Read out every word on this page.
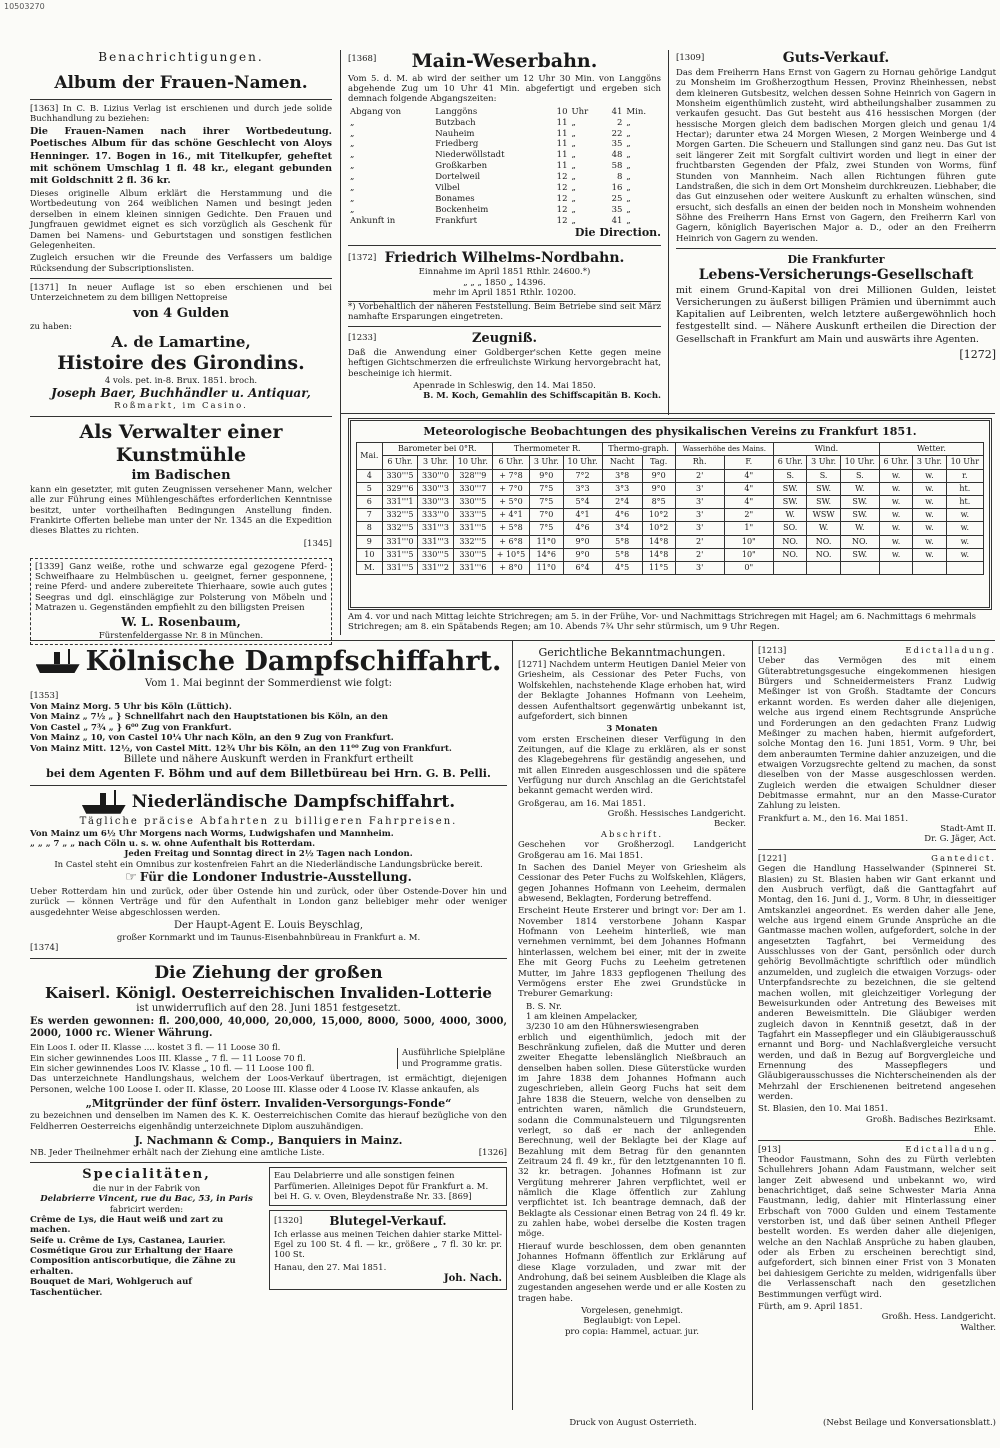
10503270
Benachrichtigungen.
Album der Frauen-Namen.
[1363] In C. B. Lizius Verlag ist erschienen und durch jede solide Buchhandlung zu beziehen:
Die Frauen-Namen nach ihrer Wortbedeutung. Poetisches Album für das schöne Geschlecht von Aloys Henninger. 17. Bogen in 16., mit Titelkupfer, geheftet mit schönem Umschlag 1 fl. 48 kr., elegant gebunden mit Goldschnitt 2 fl. 36 kr.
Dieses originelle Album erklärt die Herstammung und die Wortbedeutung von 264 weiblichen Namen und besingt jeden derselben in einem kleinen sinnigen Gedichte. Den Frauen und Jungfrauen gewidmet eignet es sich vorzüglich als Geschenk für Damen bei Namens- und Geburtstagen und sonstigen festlichen Gelegenheiten.
Zugleich ersuchen wir die Freunde des Verfassers um baldige Rücksendung der Subscriptionslisten.
[1371] In neuer Auflage ist so eben erschienen und bei Unterzeichnetem zu dem billigen Nettopreise
von 4 Gulden
zu haben:
A. de Lamartine,
Histoire des Girondins.
4 vols. pet. in-8. Brux. 1851. broch.
Joseph Baer, Buchhändler u. Antiquar,
Roßmarkt, im Casino.
Als Verwalter einer Kunstmühle
im Badischen
kann ein gesetzter, mit guten Zeugnissen versehener Mann, welcher alle zur Führung eines Mühlengeschäftes erforderlichen Kenntnisse besitzt, unter vortheilhaften Bedingungen Anstellung finden. Frankirte Offerten beliebe man unter der Nr. 1345 an die Expedition dieses Blattes zu richten.
[1345]
[1339] Ganz weiße, rothe und schwarze egal gezogene Pferd-Schweifhaare zu Helmbüschen u. geeignet, ferner gesponnene, reine Pferd- und andere zubereitete Thierhaare, sowie auch gutes Seegras und dgl. einschlägige zur Polsterung von Möbeln und Matrazen u. Gegenständen empfiehlt zu den billigsten Preisen
W. L. Rosenbaum,
Fürstenfeldergasse Nr. 8 in München.
[1368]	Main-Weserbahn.
Vom 5. d. M. ab wird der seither um 12 Uhr 30 Min. von Langgöns abgehende Zug um 10 Uhr 41 Min. abgefertigt und ergeben sich demnach folgende Abgangszeiten:
Abgang von	Langgöns	10	Uhr	41	Min.
„	Butzbach	11	„	2	„
„	Nauheim	11	„	22	„
„	Friedberg	11	„	35	„
„	Niederwöllstadt	11	„	48	„
„	Großkarben	11	„	58	„
„	Dortelweil	12	„	8	„
„	Vilbel	12	„	16	„
„	Bonames	12	„	25	„
„	Bockenheim	12	„	35	„
Ankunft in	Frankfurt	12	„	41	„
Die Direction.
[1372] Friedrich Wilhelms-Nordbahn.
Einnahme im April 1851 Rthlr. 24600.*)
„ „ „ 1850 „ 14396.
mehr im April 1851 Rthlr. 10200.
*) Vorbehaltlich der näheren Feststellung. Beim Betriebe sind seit März namhafte Ersparungen eingetreten.
[1233]	Zeugniß.
Daß die Anwendung einer Goldberger'schen Kette gegen meine heftigen Gichtschmerzen die erfreulichste Wirkung hervorgebracht hat, bescheinige ich hiermit.
Apenrade in Schleswig, den 14. Mai 1850.
B. M. Koch, Gemahlin des Schiffscapitän B. Koch.
[1309]	Guts-Verkauf.
Das dem Freiherrn Hans Ernst von Gagern zu Hornau gehörige Landgut zu Monsheim im Großherzogthum Hessen, Provinz Rheinhessen, nebst dem kleineren Gutsbesitz, welchen dessen Sohne Heinrich von Gagern in Monsheim eigenthümlich zusteht, wird abtheilungshalber zusammen zu verkaufen gesucht. Das Gut besteht aus 416 hessischen Morgen (der hessische Morgen gleich dem badischen Morgen gleich und genau 1/4 Hectar); darunter etwa 24 Morgen Wiesen, 2 Morgen Weinberge und 4 Morgen Garten. Die Scheuern und Stallungen sind ganz neu. Das Gut ist seit längerer Zeit mit Sorgfalt cultivirt worden und liegt in einer der fruchtbarsten Gegenden der Pfalz, zwei Stunden von Worms, fünf Stunden von Mannheim. Nach allen Richtungen führen gute Landstraßen, die sich in dem Ort Monsheim durchkreuzen. Liebhaber, die das Gut einzusehen oder weitere Auskunft zu erhalten wünschen, sind ersucht, sich desfalls an einen der beiden noch in Monsheim wohnenden Söhne des Freiherrn Hans Ernst von Gagern, den Freiherrn Karl von Gagern, königlich Bayerischen Major a. D., oder an den Freiherrn Heinrich von Gagern zu wenden.
Die Frankfurter
Lebens-Versicherungs-Gesellschaft
mit einem Grund-Kapital von drei Millionen Gulden, leistet Versicherungen zu äußerst billigen Prämien und übernimmt auch Kapitalien auf Leibrenten, welch letztere außergewöhnlich hoch festgestellt sind. — Nähere Auskunft ertheilen die Direction der Gesellschaft in Frankfurt am Main und auswärts ihre Agenten.
[1272]
Meteorologische Beobachtungen des physikalischen Vereins zu Frankfurt 1851.
Mai.	Barometer bei 0°R.			Thermometer R.			Thermo-graph.		Wasserhöhe des Mains.		Wind.			Wetter.		
	6 Uhr.	3 Uhr.	10 Uhr.	6 Uhr.	3 Uhr.	10 Uhr.	Nacht	Tag.	Rh.	F.	6 Uhr.	3 Uhr.	10 Uhr.	6 Uhr.	3 Uhr.	10 Uhr
4	330'''5	330'''0	328'''9	+ 7°8	9°0	7°2	3°8	9°0	2'	4"	S.	S.	S.	w.	w.	r.
5	329'''6	330'''3	330'''7	+ 7°0	7°5	3°3	3°3	9°0	3'	4"	SW.	SW.	W.	w.	w.	ht.
6	331'''1	330'''3	330'''5	+ 5°0	7°5	5°4	2°4	8°5	3'	4"	SW.	SW.	SW.	w.	w.	ht.
7	332'''5	333'''0	333'''5	+ 4°1	7°0	4°1	4°6	10°2	3'	2"	W.	WSW	SW.	w.	w.	w.
8	332'''5	331'''3	331'''5	+ 5°8	7°5	4°6	3°4	10°2	3'	1"	SO.	W.	W.	w.	w.	w.
9	331'''0	331'''3	332'''5	+ 6°8	11°0	9°0	5°8	14°8	2'	10"	NO.	NO.	NO.	w.	w.	w.
10	331'''5	330'''5	330'''5	+ 10°5	14°6	9°0	5°8	14°8	2'	10"	NO.	NO.	SW.	w.	w.	w.
M.	331'''5	331'''2	331'''6	+ 8°0	11°0	6°4	4°5	11°5	3'	0"						
Am 4. vor und nach Mittag leichte Strichregen; am 5. in der Frühe, Vor- und Nachmittags Strichregen mit Hagel; am 6. Nachmittags 6 mehrmals Strichregen; am 8. ein Spätabends Regen; am 10. Abends 7¾ Uhr sehr stürmisch, um 9 Uhr Regen.
Kölnische Dampfschiffahrt.
Vom 1. Mai beginnt der Sommerdienst wie folgt:
[1353]
Von Mainz Morg. 5 Uhr bis Köln (Lüttich).
Von Mainz „ 7½ „ } Schnellfahrt nach den Hauptstationen bis Köln, an den
Von Castel „ 7¾ „ } 6⁰⁰ Zug von Frankfurt.
Von Mainz „ 10, von Castel 10¼ Uhr nach Köln, an den 9 Zug von Frankfurt.
Von Mainz Mitt. 12½, von Castel Mitt. 12¾ Uhr bis Köln, an den 11⁰⁰ Zug von Frankfurt.
Billete und nähere Auskunft werden in Frankfurt ertheilt
bei dem Agenten F. Böhm und auf dem Billetbüreau bei Hrn. G. B. Pelli.
Niederländische Dampfschiffahrt.
Tägliche präcise Abfahrten zu billigeren Fahrpreisen.
Von Mainz um 6½ Uhr Morgens nach Worms, Ludwigshafen und Mannheim.
„ „ „ 7 „ „ nach Cöln u. s. w. ohne Aufenthalt bis Rotterdam.
Jeden Freitag und Sonntag direct in 2½ Tagen nach London.
In Castel steht ein Omnibus zur kostenfreien Fahrt an die Niederländische Landungsbrücke bereit.
☞ Für die Londoner Industrie-Ausstellung.
Ueber Rotterdam hin und zurück, oder über Ostende hin und zurück, oder über Ostende-Dover hin und zurück — können Verträge und für den Aufenthalt in London ganz beliebiger mehr oder weniger ausgedehnter Weise abgeschlossen werden.
Der Haupt-Agent E. Louis Beyschlag,
großer Kornmarkt und im Taunus-Eisenbahnbüreau in Frankfurt a. M.
[1374]
Die Ziehung der großen
Kaiserl. Königl. Oesterreichischen Invaliden-Lotterie
ist unwiderruflich auf den 28. Juni 1851 festgesetzt.
Es werden gewonnen: fl. 200,000, 40,000, 20,000, 15,000, 8000, 5000, 4000, 3000, 2000, 1000 rc. Wiener Währung.
Ein Loos I. oder II. Klasse .... kostet 3 fl. — 11 Loose 30 fl.
Ein sicher gewinnendes Loos III. Klasse „ 7 fl. — 11 Loose 70 fl.
Ein sicher gewinnendes Loos IV. Klasse „ 10 fl. — 11 Loose 100 fl.
Ausführliche Spielpläne und Programme gratis.
Das unterzeichnete Handlungshaus, welchem der Loos-Verkauf übertragen, ist ermächtigt, diejenigen Personen, welche 100 Loose I. oder II. Klasse, 20 Loose III. Klasse oder 4 Loose IV. Klasse ankaufen, als
„Mitgründer der fünf österr. Invaliden-Versorgungs-Fonde“
zu bezeichnen und denselben im Namen des K. K. Oesterreichischen Comite das hierauf bezügliche von den Feldherren Oesterreichs eigenhändig unterzeichnete Diplom auszuhändigen.
J. Nachmann & Comp., Banquiers in Mainz.
NB. Jeder Theilnehmer erhält nach der Ziehung eine amtliche Liste.	[1326]
Specialitäten,
die nur in der Fabrik von
Delabrierre Vincent, rue du Bac, 53, in Paris
fabricirt werden:
Crême de Lys, die Haut weiß und zart zu machen.
Seife u. Crême de Lys, Castanea, Laurier.
Cosmétique Grou zur Erhaltung der Haare
Composition antiscorbutique, die Zähne zu erhalten.
Bouquet de Mari, Wohlgeruch auf Taschentücher.
Eau Delabrierre und alle sonstigen feinen Parfümerien. Alleiniges Depot für Frankfurt a. M. bei H. G. v. Oven, Bleydenstraße Nr. 33. [869]
[1320]	Blutegel-Verkauf.
Ich erlasse aus meinen Teichen dahier starke Mittel-Egel zu 100 St. 4 fl. — kr., größere „ 7 fl. 30 kr. pr. 100 St.
Hanau, den 27. Mai 1851.
Joh. Nach.
Gerichtliche Bekanntmachungen.
[1271] Nachdem unterm Heutigen Daniel Meier von Griesheim, als Cessionar des Peter Fuchs, von Wolfskehlen, nachstehende Klage erhoben hat, wird der Beklagte Johannes Hofmann von Leeheim, dessen Aufenthaltsort gegenwärtig unbekannt ist, aufgefordert, sich binnen
3 Monaten
vom ersten Erscheinen dieser Verfügung in den Zeitungen, auf die Klage zu erklären, als er sonst des Klagebegehrens für geständig angesehen, und mit allen Einreden ausgeschlossen und die spätere Verfügung nur durch Anschlag an die Gerichtstafel bekannt gemacht werden wird.
Großgerau, am 16. Mai 1851.
Großh. Hessisches Landgericht.
Becker.
Abschrift.
Geschehen vor Großherzogl. Landgericht Großgerau am 16. Mai 1851.
In Sachen des Daniel Meyer von Griesheim als Cessionar des Peter Fuchs zu Wolfskehlen, Klägers, gegen Johannes Hofmann von Leeheim, dermalen abwesend, Beklagten, Forderung betreffend.
Erscheint Heute Ersterer und bringt vor: Der am 1. November 1814 verstorbene Johann Kaspar Hofmann von Leeheim hinterließ, wie man vernehmen vernimmt, bei dem Johannes Hofmann hinterlassen, welchem bei einer, mit der in zweite Ehe mit Georg Fuchs zu Leeheim getretenen Mutter, im Jahre 1833 gepflogenen Theilung des Vermögens erster Ehe zwei Grundstücke in Treburer Gemarkung:
B. S. Nr.
1 am kleinen Ampelacker,
3/230 10 am den Hühnerswiesengraben
erblich und eigenthümlich, jedoch mit der Beschränkung zufielen, daß die Mutter und deren zweiter Ehegatte lebenslänglich Nießbrauch an denselben haben sollen. Diese Güterstücke wurden im Jahre 1838 dem Johannes Hofmann auch zugeschrieben, allein Georg Fuchs hat seit dem Jahre 1838 die Steuern, welche von denselben zu entrichten waren, nämlich die Grundsteuern, sodann die Communalsteuern und Tilgungsrenten verlegt, so daß er nach der anliegenden Berechnung, weil der Beklagte bei der Klage auf Bezahlung mit dem Betrag für den genannten Zeitraum 24 fl. 49 kr., für den letztgenannten 10 fl. 32 kr. betragen. Johannes Hofmann ist zur Vergütung mehrerer Jahren verpflichtet, weil er nämlich die Klage öffentlich zur Zahlung verpflichtet ist. Ich beantrage demnach, daß der Beklagte als Cessionar einen Betrag von 24 fl. 49 kr. zu zahlen habe, wobei derselbe die Kosten tragen möge.
Hierauf wurde beschlossen, dem oben genannten Johannes Hofmann öffentlich zur Erklärung auf diese Klage vorzuladen, und zwar mit der Androhung, daß bei seinem Ausbleiben die Klage als zugestanden angesehen werde und er alle Kosten zu tragen habe.
Vorgelesen, genehmigt.
Beglaubigt: von Lepel.
pro copia: Hammel, actuar. jur.
[1213]	Edictalladung.
Ueber das Vermögen des mit einem Güterabtretungsgesuche eingekommenen hiesigen Bürgers und Schneidermeisters Franz Ludwig Meßinger ist von Großh. Stadtamte der Concurs erkannt worden. Es werden daher alle diejenigen, welche aus irgend einem Rechtsgrunde Ansprüche und Forderungen an den gedachten Franz Ludwig Meßinger zu machen haben, hiermit aufgefordert, solche Montag den 16. Juni 1851, Vorm. 9 Uhr, bei dem anberaumten Termine dahier anzuzeigen, und die etwaigen Vorzugsrechte geltend zu machen, da sonst dieselben von der Masse ausgeschlossen werden. Zugleich werden die etwaigen Schuldner dieser Debitmasse ermahnt, nur an den Masse-Curator Zahlung zu leisten.
Frankfurt a. M., den 16. Mai 1851.
Stadt-Amt II.
Dr. G. Jäger, Act.
[1221]	Gantedict.
Gegen die Handlung Hasselwander (Spinnerei St. Blasien) zu St. Blasien haben wir Gant erkannt und den Ausbruch verfügt, daß die Ganttagfahrt auf Montag, den 16. Juni d. J., Vorm. 8 Uhr, in diesseitiger Amtskanzlei angeordnet. Es werden daher alle Jene, welche aus irgend einem Grunde Ansprüche an die Gantmasse machen wollen, aufgefordert, solche in der angesetzten Tagfahrt, bei Vermeidung des Ausschlusses von der Gant, persönlich oder durch gehörig Bevollmächtigte schriftlich oder mündlich anzumelden, und zugleich die etwaigen Vorzugs- oder Unterpfandsrechte zu bezeichnen, die sie geltend machen wollen, mit gleichzeitiger Vorlegung der Beweisurkunden oder Antretung des Beweises mit anderen Beweismitteln. Die Gläubiger werden zugleich davon in Kenntniß gesetzt, daß in der Tagfahrt ein Massepfleger und ein Gläubigerausschuß ernannt und Borg- und Nachlaßvergleiche versucht werden, und daß in Bezug auf Borgvergleiche und Ernennung des Massepflegers und Gläubigerausschusses die Nichterscheinenden als der Mehrzahl der Erschienenen beitretend angesehen werden.
St. Blasien, den 10. Mai 1851.
Großh. Badisches Bezirksamt.
Ehle.
[913]	Edictalladung.
Theodor Faustmann, Sohn des zu Fürth verlebten Schullehrers Johann Adam Faustmann, welcher seit langer Zeit abwesend und unbekannt wo, wird benachrichtiget, daß seine Schwester Maria Anna Faustmann, ledig, dahier mit Hinterlassung einer Erbschaft von 7000 Gulden und einem Testamente verstorben ist, und daß über seinen Antheil Pfleger bestellt worden. Es werden daher alle diejenigen, welche an den Nachlaß Ansprüche zu haben glauben, oder als Erben zu erscheinen berechtigt sind, aufgefordert, sich binnen einer Frist von 3 Monaten bei dahiesigem Gerichte zu melden, widrigenfalls über die Verlassenschaft nach den gesetzlichen Bestimmungen verfügt wird.
Fürth, am 9. April 1851.
Großh. Hess. Landgericht.
Walther.
Druck von August Osterrieth.	(Nebst Beilage und Konversationsblatt.)
